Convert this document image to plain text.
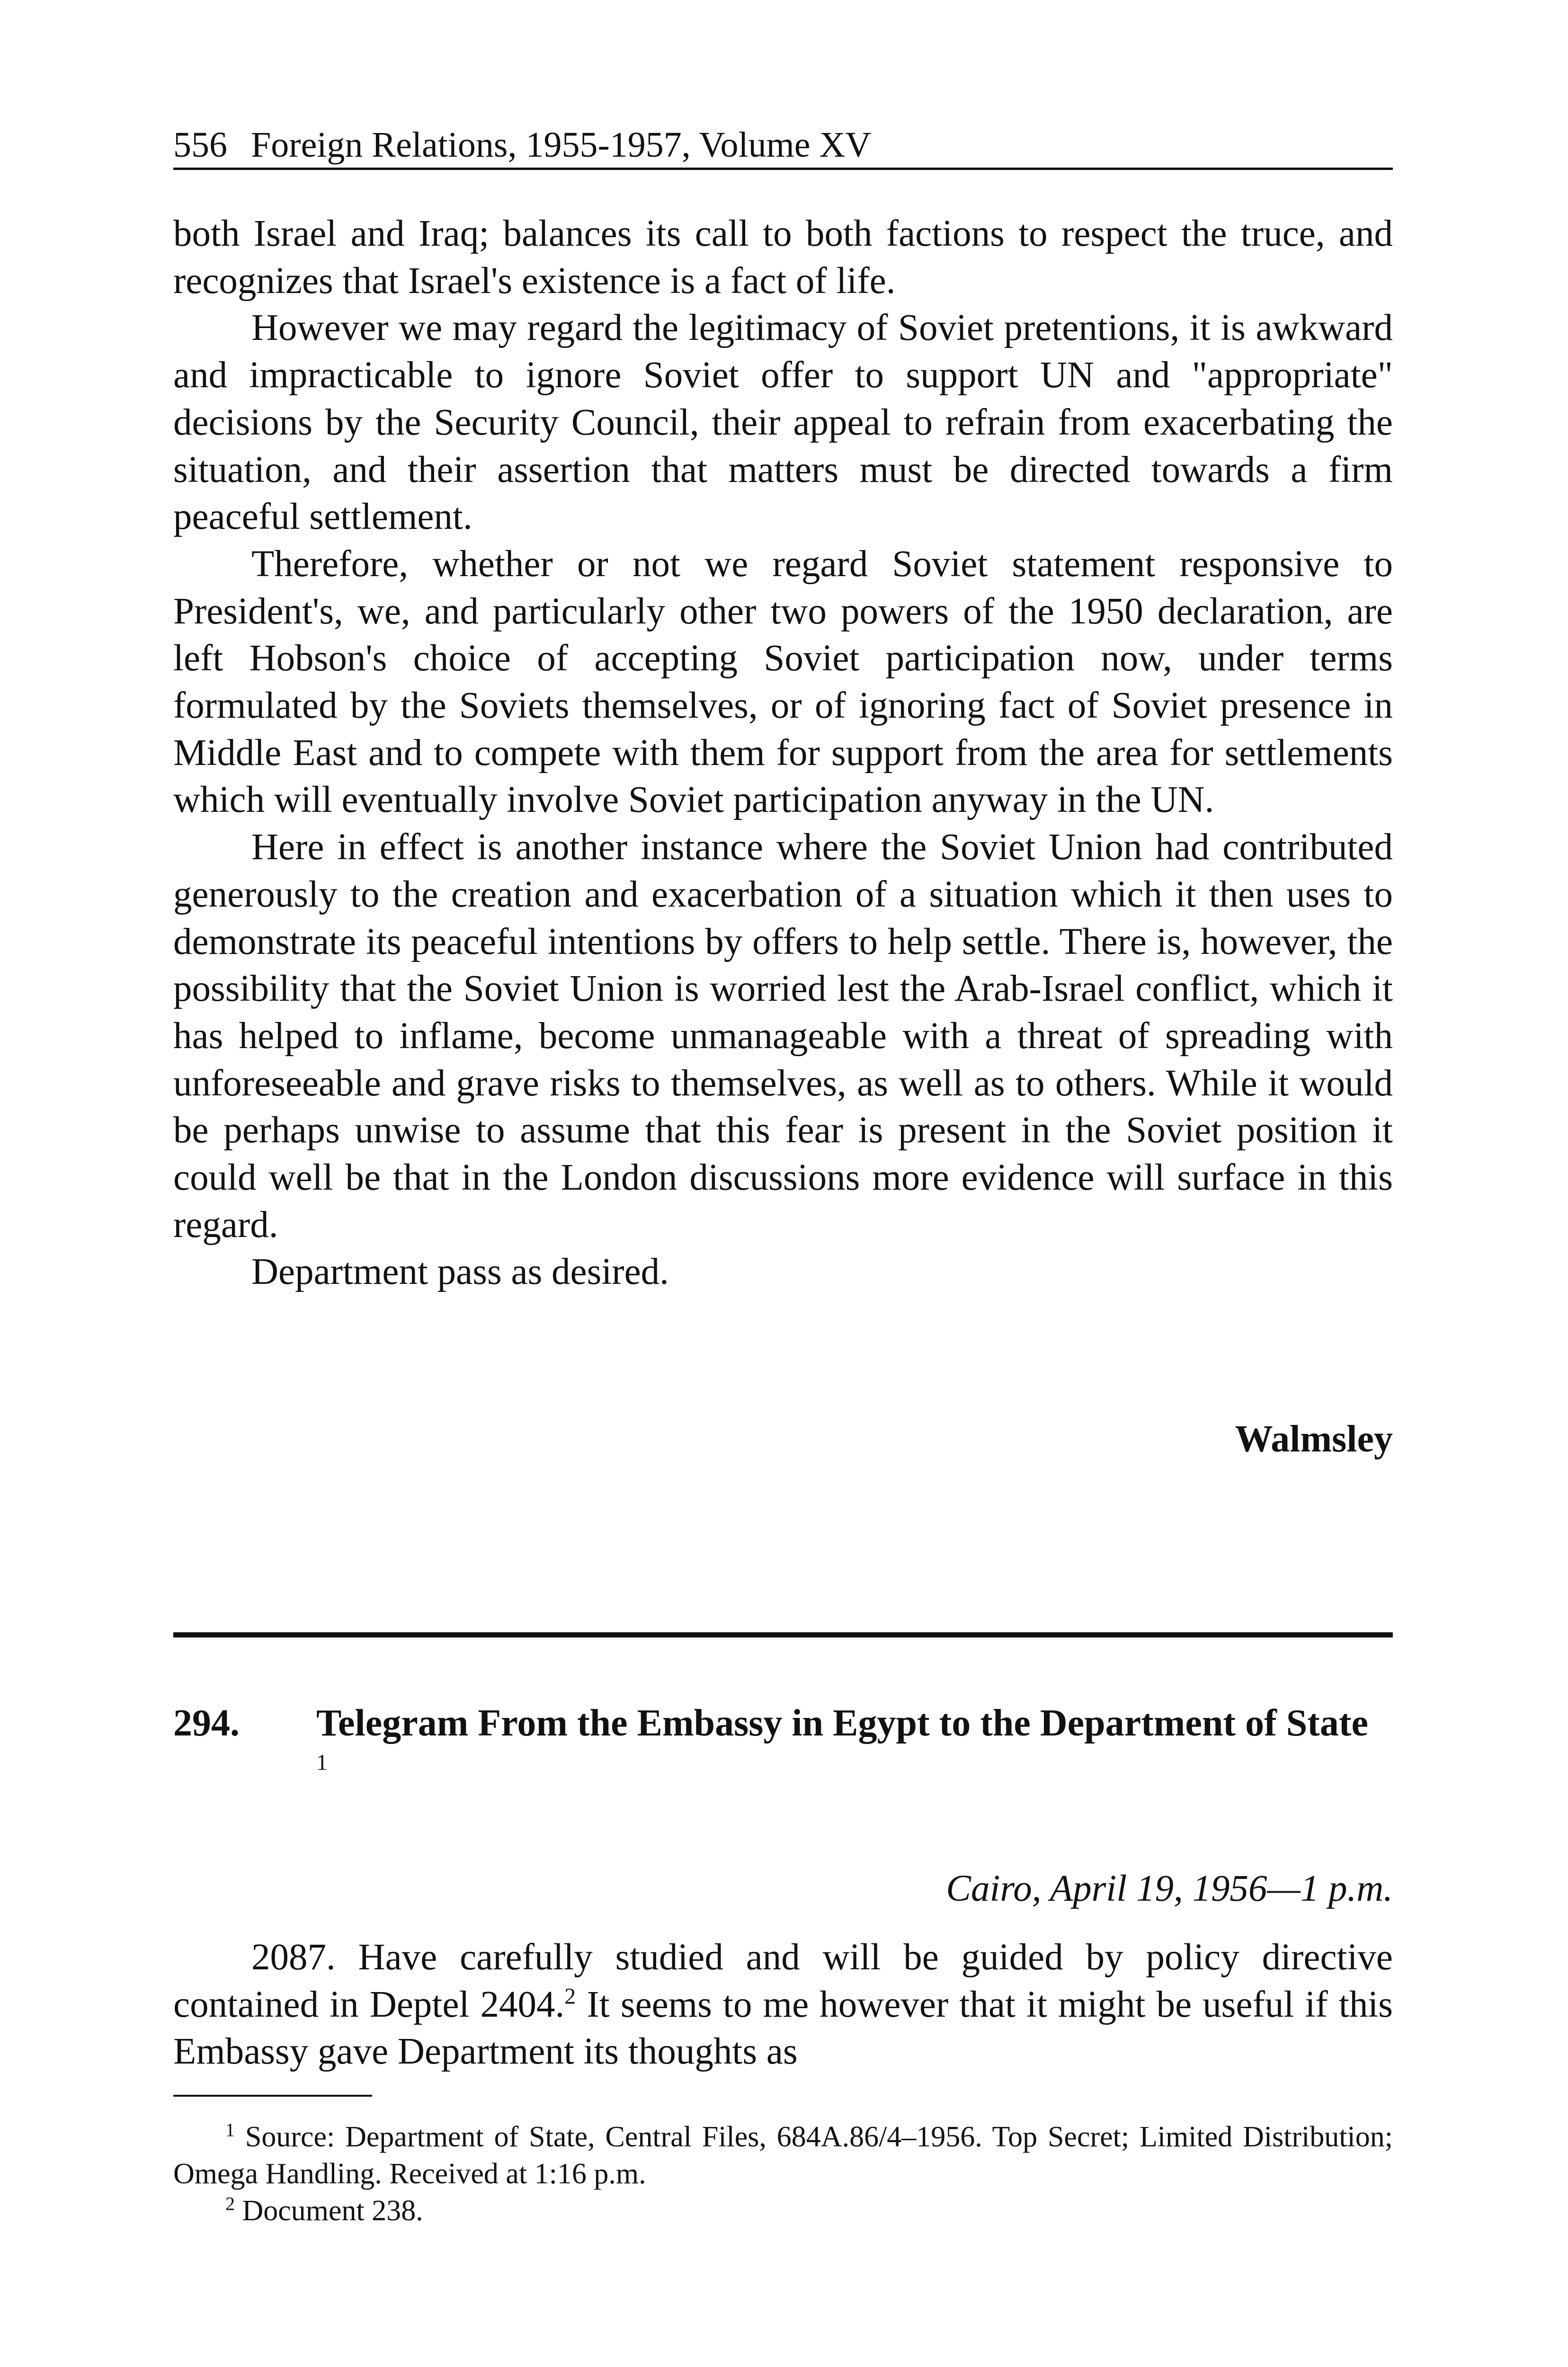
556 Foreign Relations, 1955-1957, Volume XV

both Israel and Iraq; balances its call to both factions to respect the truce, and recognizes that Israel's existence is a fact of life.

However we may regard the legitimacy of Soviet pretentions, it is awkward and impracticable to ignore Soviet offer to support UN and "appropriate" decisions by the Security Council, their appeal to refrain from exacerbating the situation, and their assertion that matters must be directed towards a firm peaceful settlement.

Therefore, whether or not we regard Soviet statement responsive to President's, we, and particularly other two powers of the 1950 declaration, are left Hobson's choice of accepting Soviet participation now, under terms formulated by the Soviets themselves, or of ignoring fact of Soviet presence in Middle East and to compete with them for support from the area for settlements which will eventually involve Soviet participation anyway in the UN.

Here in effect is another instance where the Soviet Union had contributed generously to the creation and exacerbation of a situation which it then uses to demonstrate its peaceful intentions by offers to help settle. There is, however, the possibility that the Soviet Union is worried lest the Arab-Israel conflict, which it has helped to inflame, become unmanageable with a threat of spreading with unforeseeable and grave risks to themselves, as well as to others. While it would be perhaps unwise to assume that this fear is present in the Soviet position it could well be that in the London discussions more evidence will surface in this regard.

Department pass as desired.

Walmsley
294. Telegram From the Embassy in Egypt to the Department of State $^1$
Cairo, April 19, 1956—1 p.m.

2087. Have carefully studied and will be guided by policy directive contained in Deptel 2404.$^2$ It seems to me however that it might be useful if this Embassy gave Department its thoughts as

$^1$ Source: Department of State, Central Files, 684A.86/4–1956. Top Secret; Limited Distribution; Omega Handling. Received at 1:16 p.m.

$^2$ Document 238.
